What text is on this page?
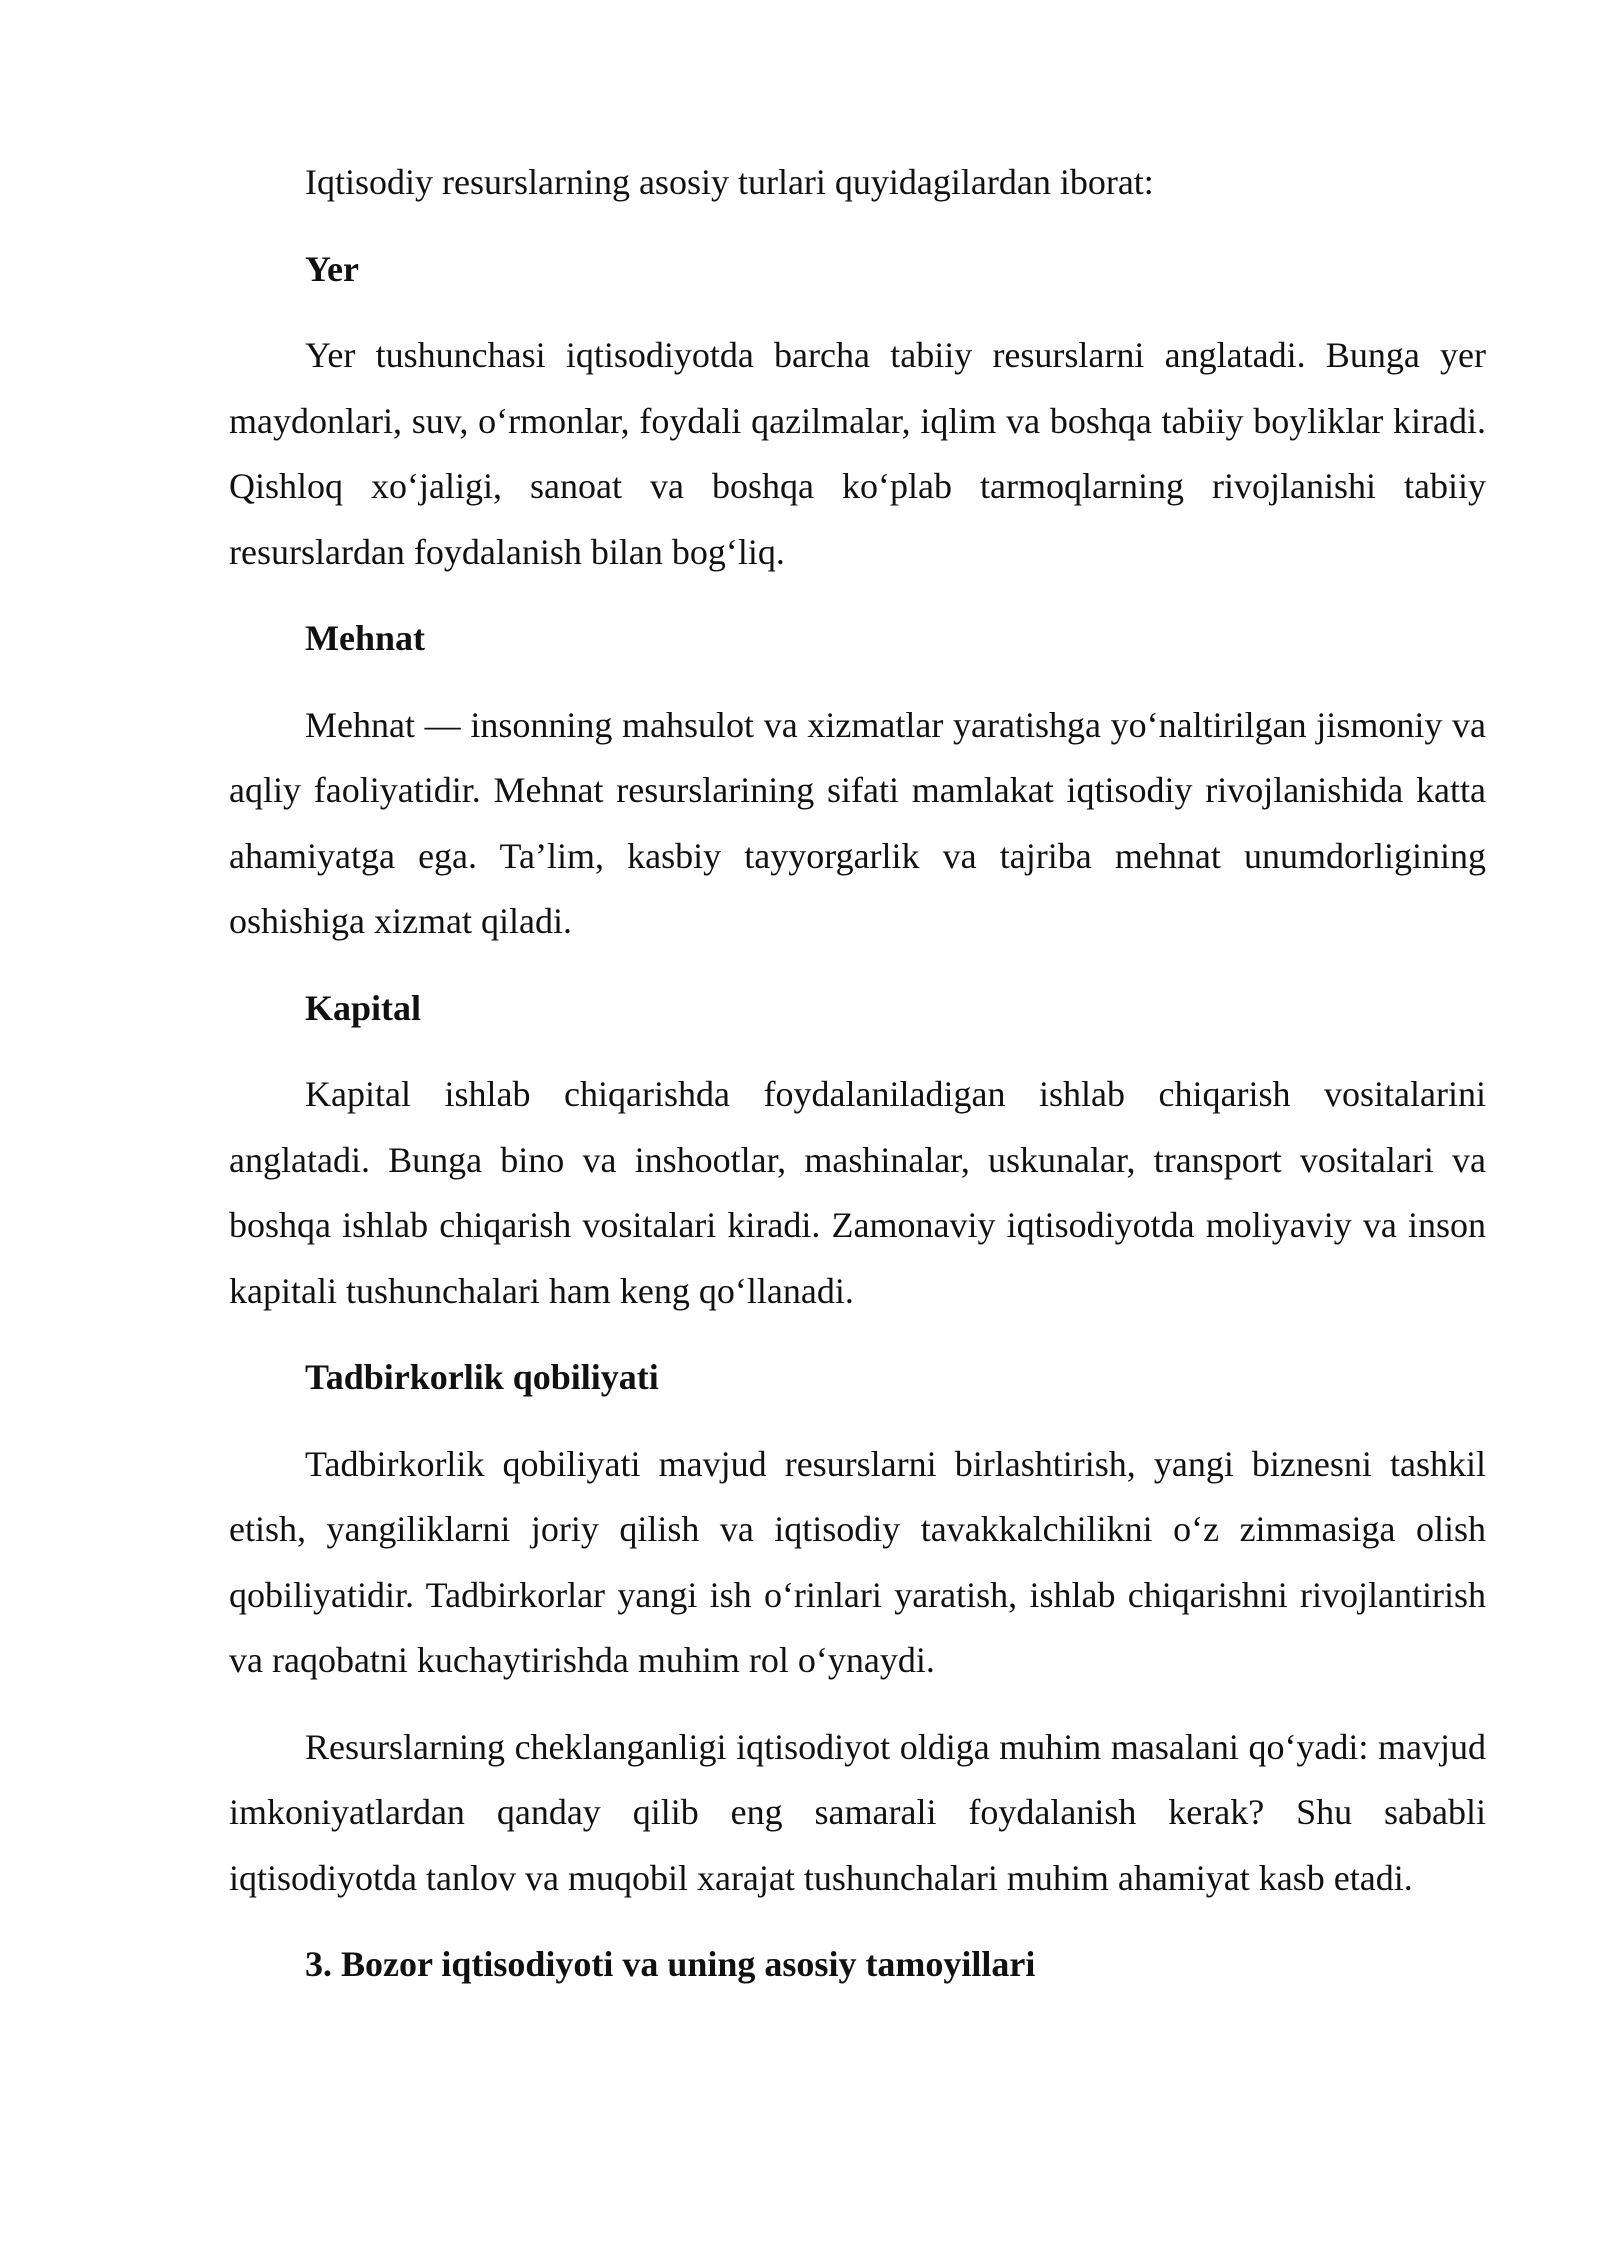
Iqtisodiy resurslarning asosiy turlari quyidagilardan iborat:

Yer

Yer tushunchasi iqtisodiyotda barcha tabiiy resurslarni anglatadi. Bunga yer maydonlari, suv, o‘rmonlar, foydali qazilmalar, iqlim va boshqa tabiiy boyliklar kiradi. Qishloq xo‘jaligi, sanoat va boshqa ko‘plab tarmoqlarning rivojlanishi tabiiy resurslardan foydalanish bilan bog‘liq.

Mehnat

Mehnat — insonning mahsulot va xizmatlar yaratishga yo‘naltirilgan jismoniy va aqliy faoliyatidir. Mehnat resurslarining sifati mamlakat iqtisodiy rivojlanishida katta ahamiyatga ega. Ta’lim, kasbiy tayyorgarlik va tajriba mehnat unumdorligining oshishiga xizmat qiladi.

Kapital

Kapital ishlab chiqarishda foydalaniladigan ishlab chiqarish vositalarini anglatadi. Bunga bino va inshootlar, mashinalar, uskunalar, transport vositalari va boshqa ishlab chiqarish vositalari kiradi. Zamonaviy iqtisodiyotda moliyaviy va inson kapitali tushunchalari ham keng qo‘llanadi.

Tadbirkorlik qobiliyati

Tadbirkorlik qobiliyati mavjud resurslarni birlashtirish, yangi biznesni tashkil etish, yangiliklarni joriy qilish va iqtisodiy tavakkalchilikni o‘z zimmasiga olish qobiliyatidir. Tadbirkorlar yangi ish o‘rinlari yaratish, ishlab chiqarishni rivojlantirish va raqobatni kuchaytirishda muhim rol o‘ynaydi.

Resurslarning cheklanganligi iqtisodiyot oldiga muhim masalani qo‘yadi: mavjud imkoniyatlardan qanday qilib eng samarali foydalanish kerak? Shu sababli iqtisodiyotda tanlov va muqobil xarajat tushunchalari muhim ahamiyat kasb etadi.

3. Bozor iqtisodiyoti va uning asosiy tamoyillari
